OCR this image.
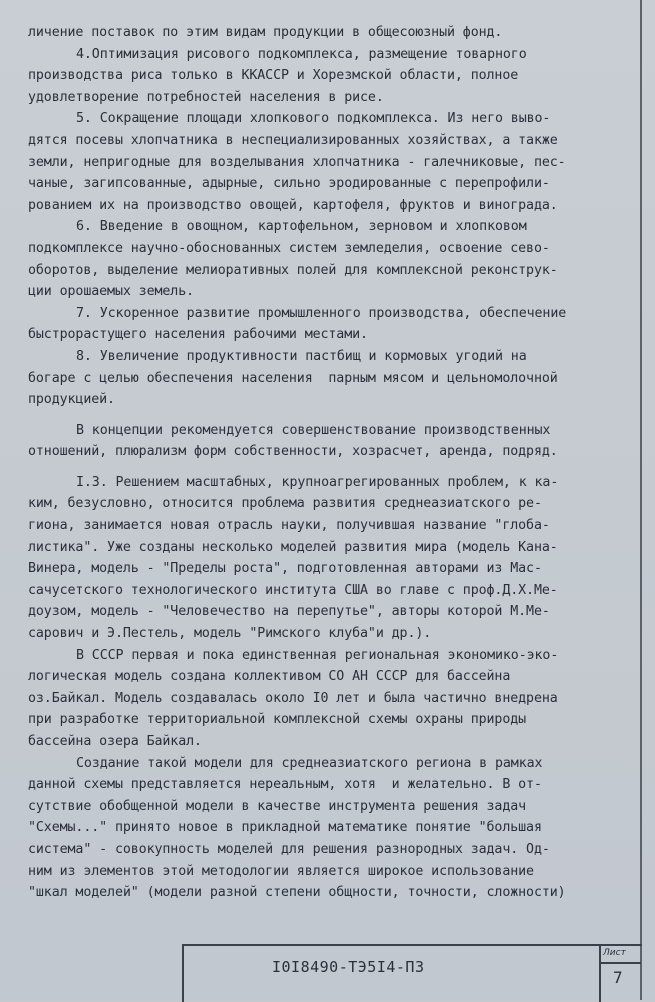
личение поставок по этим видам продукции в общесоюзный фонд.
4.Оптимизация рисового подкомплекса, размещение товарного
производства риса только в ККАССР и Хорезмской области, полное
удовлетворение потребностей населения в рисе.
5. Сокращение площади хлопкового подкомплекса. Из него выво-
дятся посевы хлопчатника в неспециализированных хозяйствах, а также
земли, непригодные для возделывания хлопчатника - галечниковые, пес-
чаные, загипсованные, адырные, сильно эродированные с перепрофили-
рованием их на производство овощей, картофеля, фруктов и винограда.
6. Введение в овощном, картофельном, зерновом и хлопковом
подкомплексе научно-обоснованных систем земледелия, освоение сево-
оборотов, выделение мелиоративных полей для комплексной реконструк-
ции орошаемых земель.
7. Ускоренное развитие промышленного производства, обеспечение
быстрорастущего населения рабочими местами.
8. Увеличение продуктивности пастбищ и кормовых угодий на
богаре с целью обеспечения населения  парным мясом и цельномолочной
продукцией.
В концепции рекомендуется совершенствование производственных
отношений, плюрализм форм собственности, хозрасчет, аренда, подряд.
I.3. Решением масштабных, крупноагрегированных проблем, к ка-
ким, безусловно, относится проблема развития среднеазиатского ре-
гиона, занимается новая отрасль науки, получившая название "глоба-
листика". Уже созданы несколько моделей развития мира (модель Кана-
Винера, модель - "Пределы роста", подготовленная авторами из Мас-
сачусетского технологического института США во главе с проф.Д.Х.Ме-
доузом, модель - "Человечество на перепутье", авторы которой М.Ме-
сарович и Э.Пестель, модель "Римского клуба"и др.).
В СССР первая и пока единственная региональная экономико-эко-
логическая модель создана коллективом СО АН СССР для бассейна
оз.Байкал. Модель создавалась около I0 лет и была частично внедрена
при разработке территориальной комплексной схемы охраны природы
бассейна озера Байкал.
Создание такой модели для среднеазиатского региона в рамках
данной схемы представляется нереальным, хотя  и желательно. В от-
сутствие обобщенной модели в качестве инструмента решения задач
"Схемы..." принято новое в прикладной математике понятие "большая
система" - совокупность моделей для решения разнородных задач. Од-
ним из элементов этой методологии является широкое использование
"шкал моделей" (модели разной степени общности, точности, сложности)
I0I8490-ТЭ5I4-ПЗ
Лист
7
